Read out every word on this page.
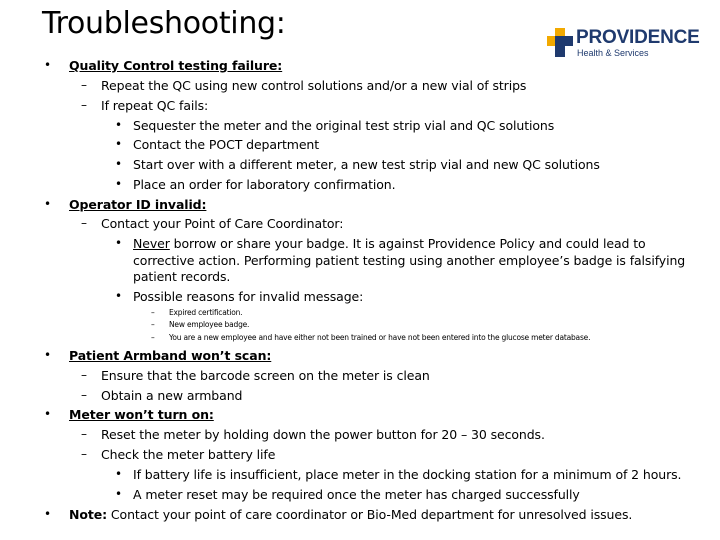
Troubleshooting:	PROVIDENCE
Health & Services
• Quality Control testing failure:
– Repeat the QC using new control solutions and/or a new vial of strips
– If repeat QC fails:
• Sequester the meter and the original test strip vial and QC solutions
• Contact the POCT department
• Start over with a different meter, a new test strip vial and new QC solutions
• Place an order for laboratory confirmation.
• Operator ID invalid:
– Contact your Point of Care Coordinator:
• Never borrow or share your badge. It is against Providence Policy and could lead to
corrective action. Performing patient testing using another employee’s badge is falsifying
patient records.
• Possible reasons for invalid message:
– Expired certification.
– New employee badge.
– You are a new employee and have either not been trained or have not been entered into the glucose meter database.
• Patient Armband won’t scan:
– Ensure that the barcode screen on the meter is clean
– Obtain a new armband
• Meter won’t turn on:
– Reset the meter by holding down the power button for 20 – 30 seconds.
– Check the meter battery life
• If battery life is insufficient, place meter in the docking station for a minimum of 2 hours.
• A meter reset may be required once the meter has charged successfully
• Note: Contact your point of care coordinator or Bio-Med department for unresolved issues.
